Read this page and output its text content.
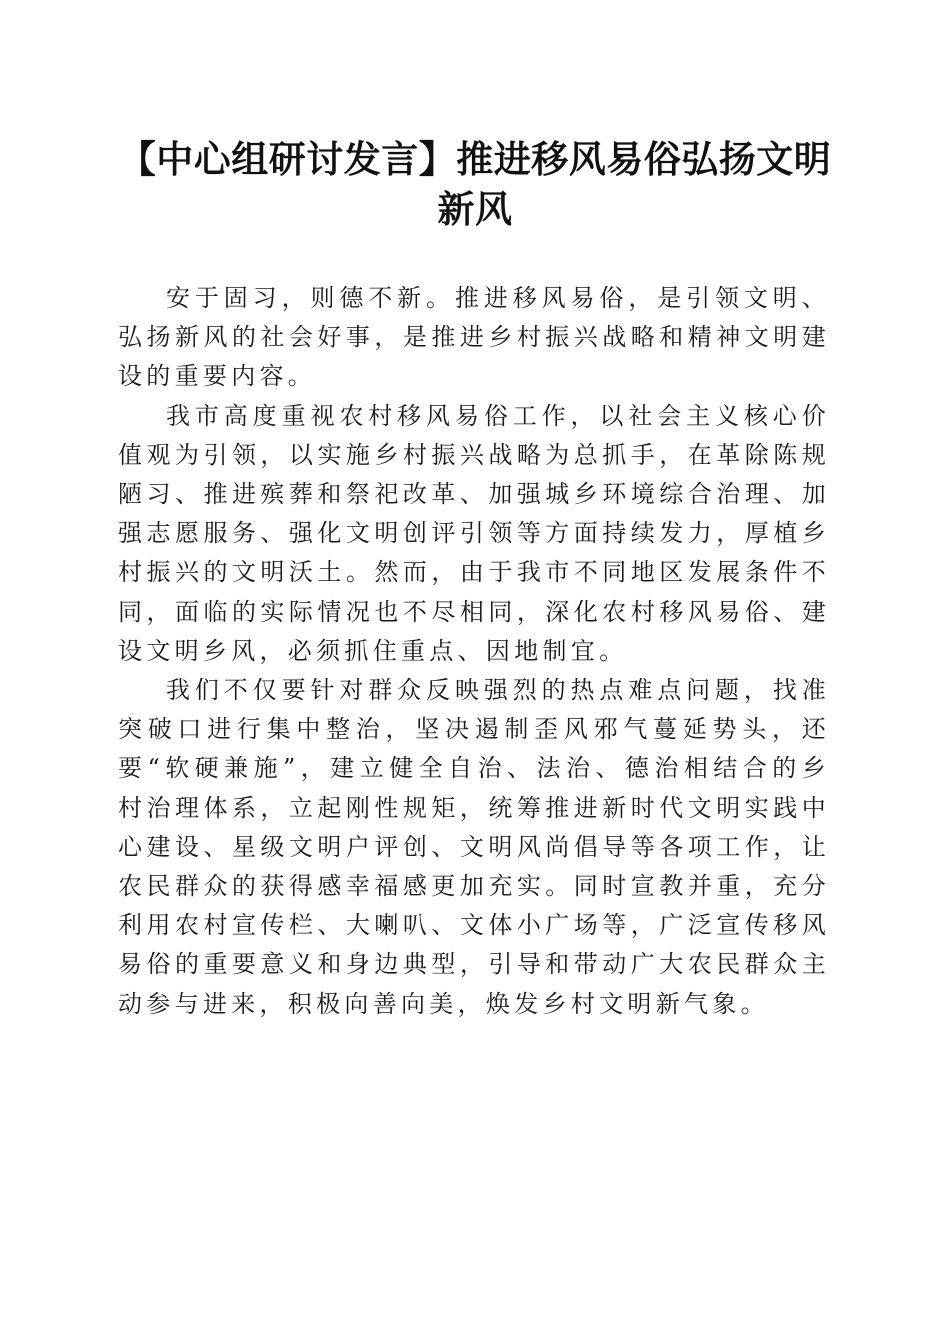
【中心组研讨发言】推进移风易俗弘扬文明新风

安于固习，则德不新。推进移风易俗，是引领文明、弘扬新风的社会好事，是推进乡村振兴战略和精神文明建设的重要内容。

我市高度重视农村移风易俗工作，以社会主义核心价值观为引领，以实施乡村振兴战略为总抓手，在革除陈规陋习、推进殡葬和祭祀改革、加强城乡环境综合治理、加强志愿服务、强化文明创评引领等方面持续发力，厚植乡村振兴的文明沃土。然而，由于我市不同地区发展条件不同，面临的实际情况也不尽相同，深化农村移风易俗、建设文明乡风，必须抓住重点、因地制宜。

我们不仅要针对群众反映强烈的热点难点问题，找准突破口进行集中整治，坚决遏制歪风邪气蔓延势头，还要“软硬兼施”，建立健全自治、法治、德治相结合的乡村治理体系，立起刚性规矩，统筹推进新时代文明实践中心建设、星级文明户评创、文明风尚倡导等各项工作，让农民群众的获得感幸福感更加充实。同时宣教并重，充分利用农村宣传栏、大喇叭、文体小广场等，广泛宣传移风易俗的重要意义和身边典型，引导和带动广大农民群众主动参与进来，积极向善向美，焕发乡村文明新气象。
